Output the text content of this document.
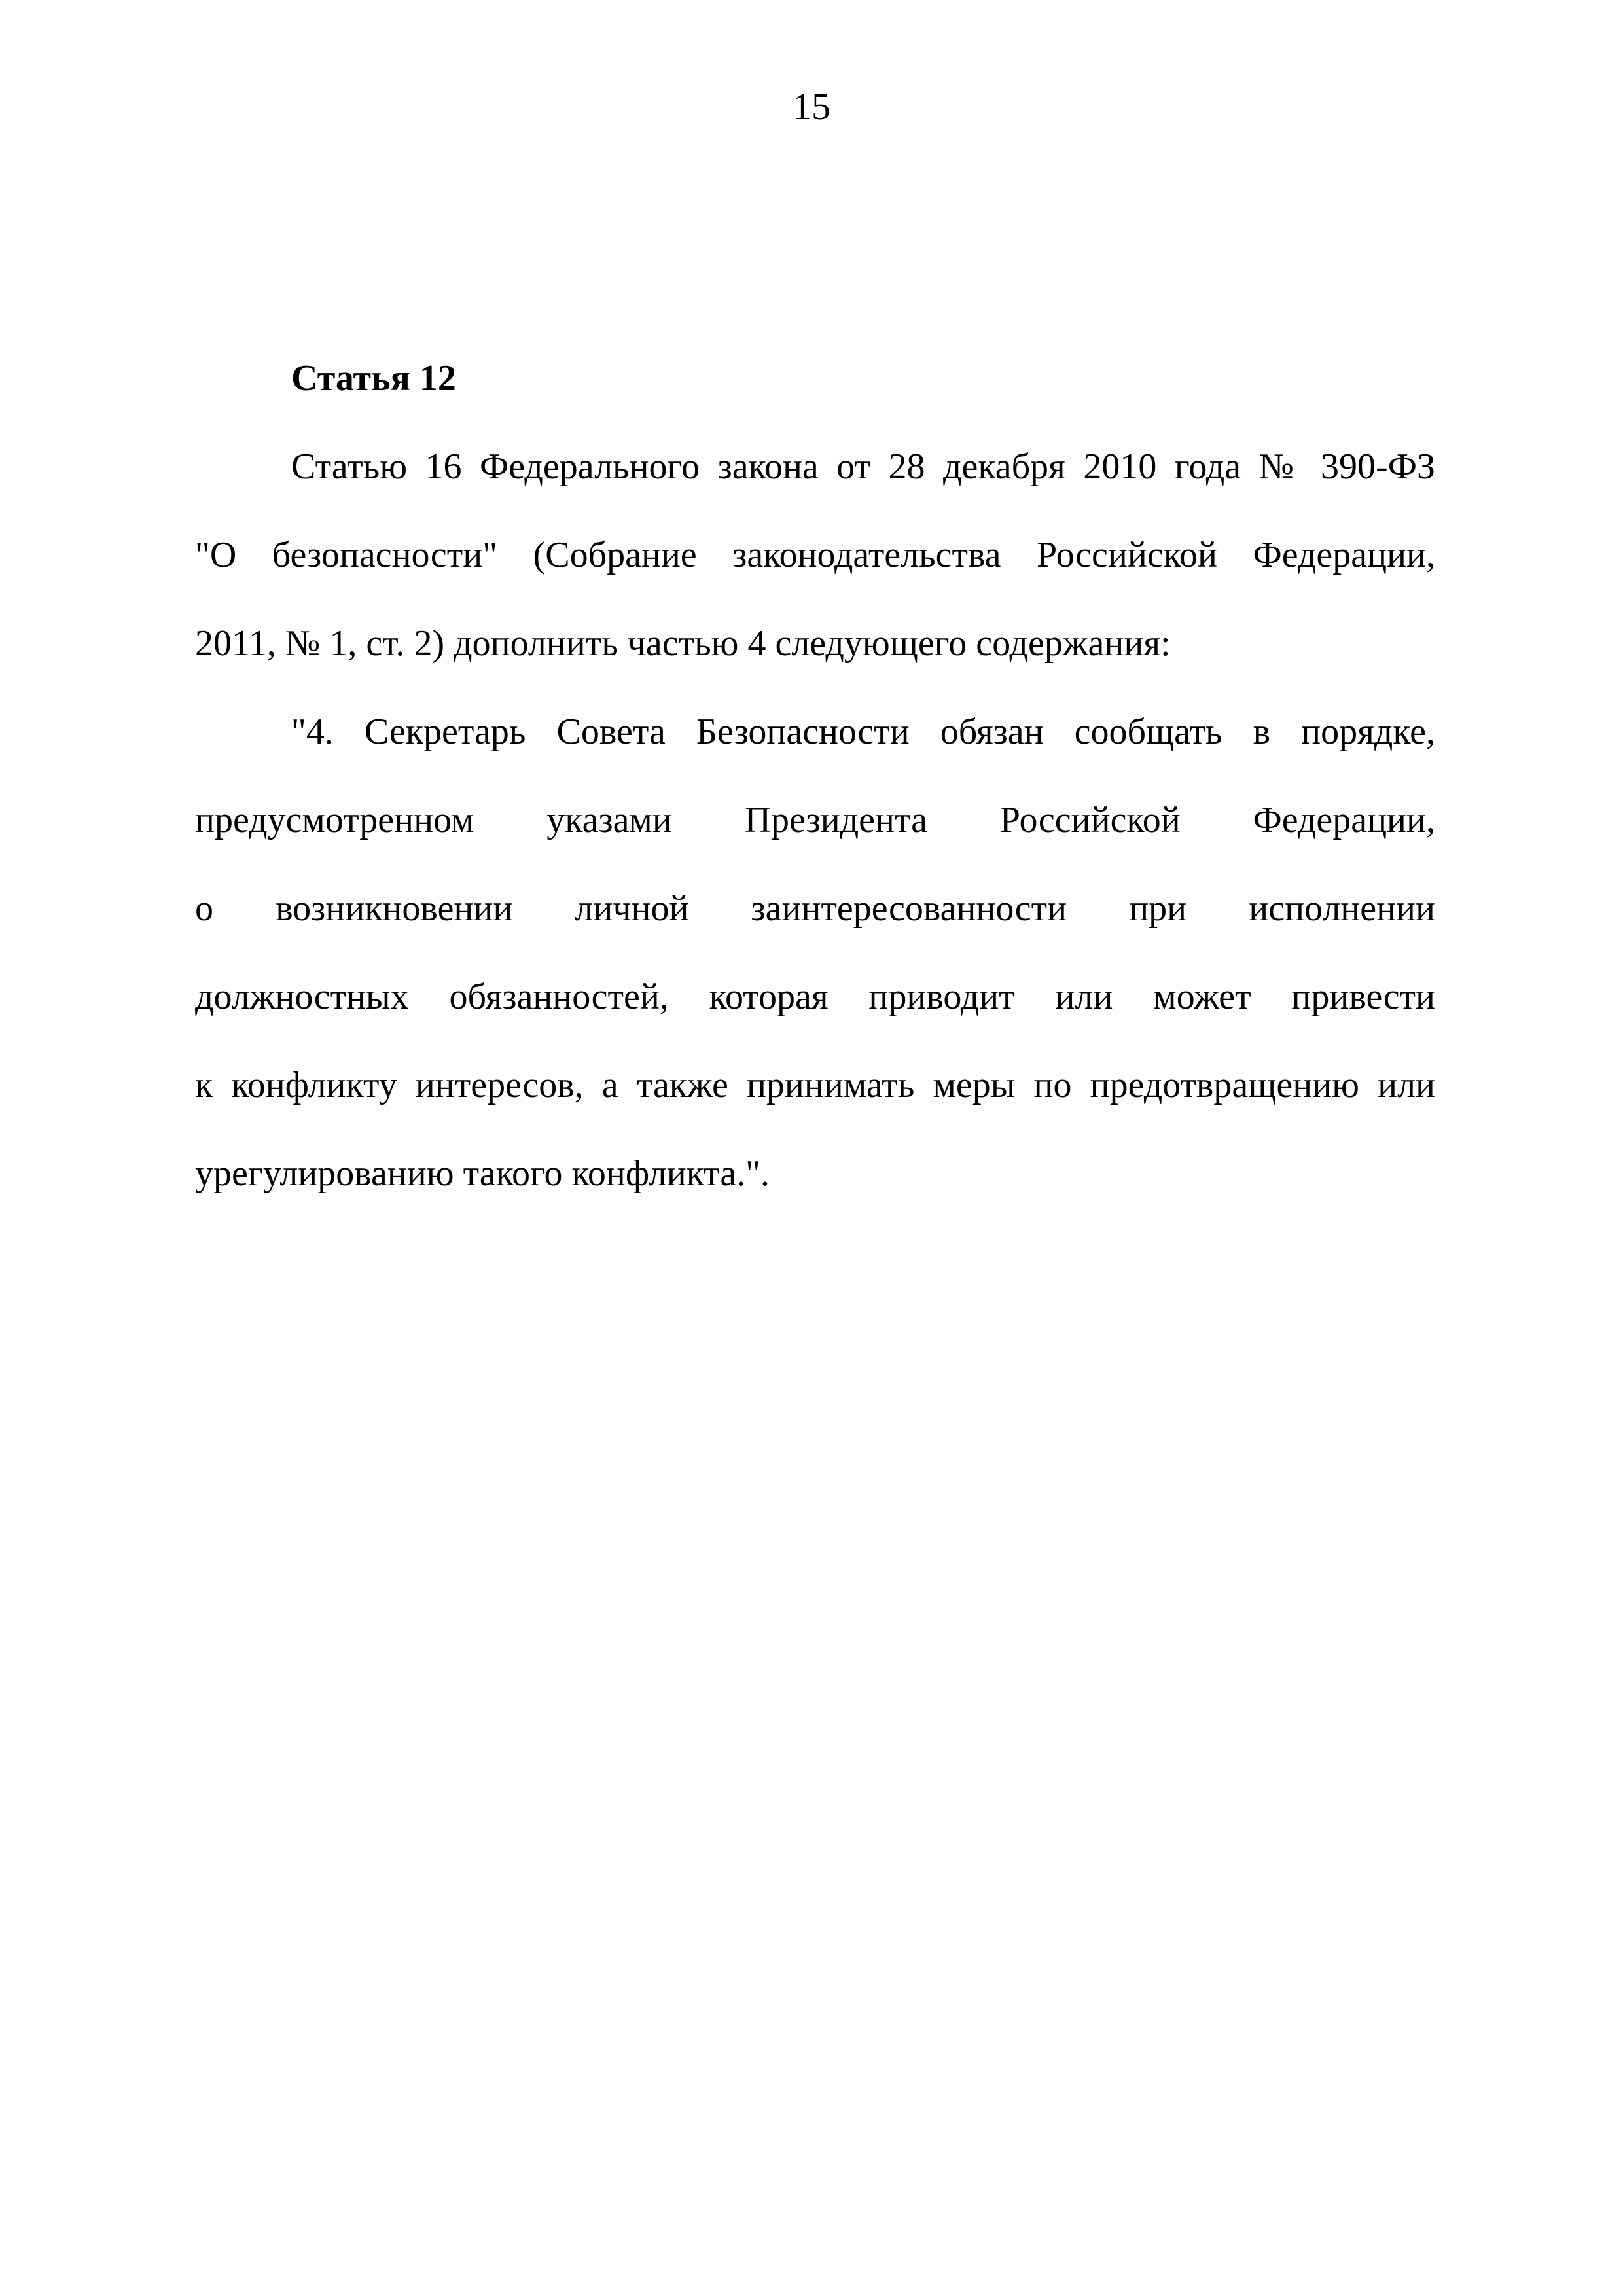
15
Статья 12
Статью 16 Федерального закона от 28 декабря 2010 года № 390-ФЗ
"О безопасности" (Собрание законодательства Российской Федерации,
2011, № 1, ст. 2) дополнить частью 4 следующего содержания:
"4. Секретарь Совета Безопасности обязан сообщать в порядке,
предусмотренном указами Президента Российской Федерации,
о возникновении личной заинтересованности при исполнении
должностных обязанностей, которая приводит или может привести
к конфликту интересов, а также принимать меры по предотвращению или
урегулированию такого конфликта.".
